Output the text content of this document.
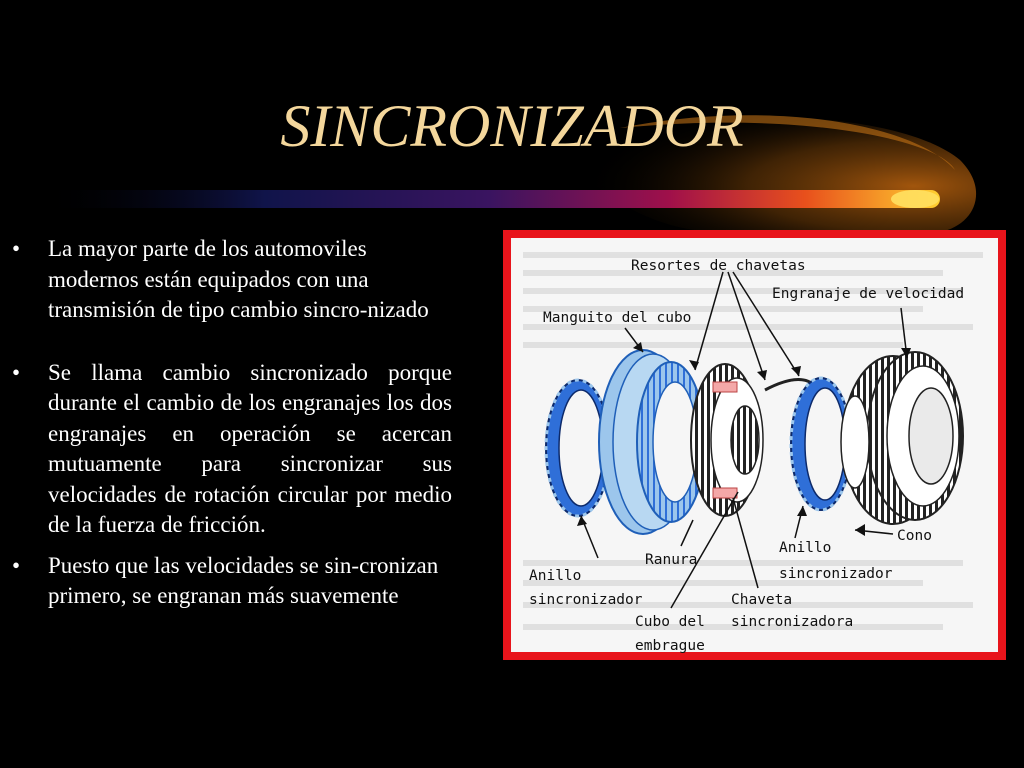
SINCRONIZADOR
• La mayor parte de los automoviles modernos están equipados con una transmisión de tipo cambio sincro-nizado
• Se llama cambio sincronizado porque durante el cambio de los engranajes los dos engranajes en operación se acercan mutuamente para sincronizar sus velocidades de rotación circular por medio de la fuerza de fricción.
• Puesto que las velocidades se sin-cronizan primero, se engranan más suavemente
Resortes de chavetas
Engranaje de velocidad
Manguito del cubo
Anillo
sincronizador
Ranura
Cubo del
embrague
Chaveta
sincronizadora
Anillo
sincronizador
Cono
